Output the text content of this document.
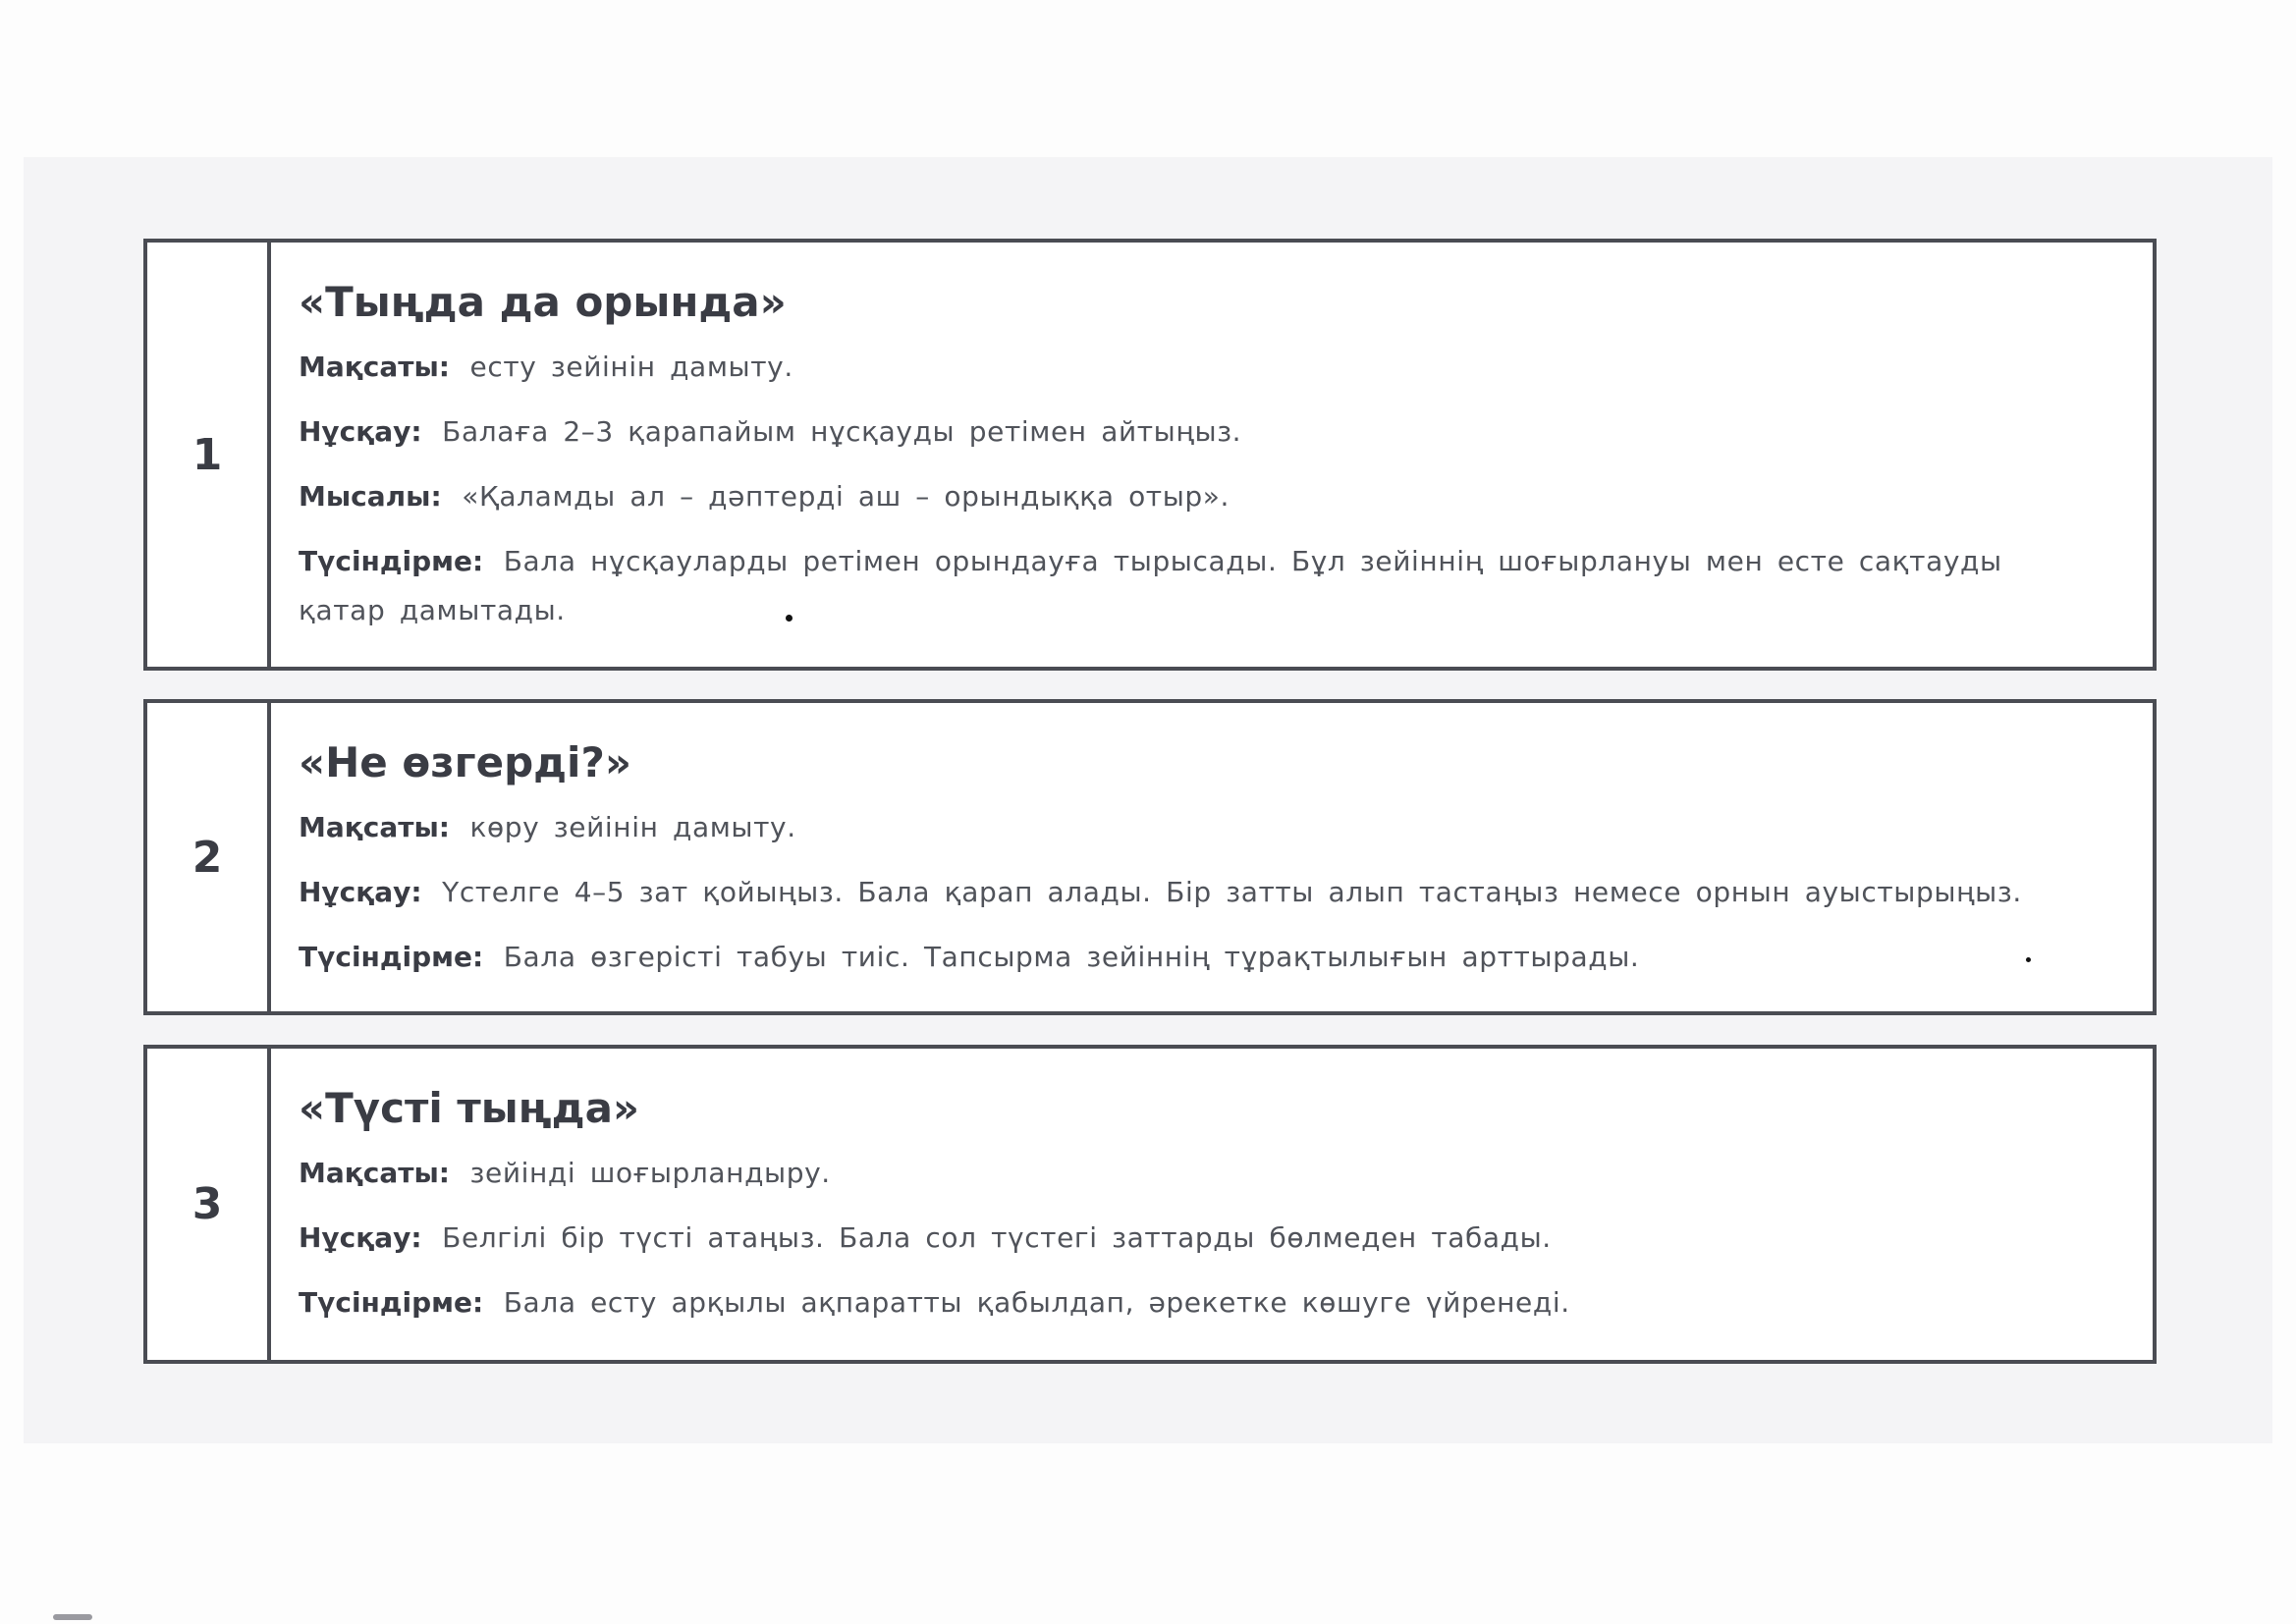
1
«Тыңда да орында»
Мақсаты: есту зейінін дамыту.
Нұсқау: Балаға 2–3 қарапайым нұсқауды ретімен айтыңыз.
Мысалы: «Қаламды ал – дәптерді аш – орындыққа отыр».
Түсіндірме: Бала нұсқауларды ретімен орындауға тырысады. Бұл зейіннің шоғырлануы мен есте сақтауды қатар дамытады.
2
«Не өзгерді?»
Мақсаты: көру зейінін дамыту.
Нұсқау: Үстелге 4–5 зат қойыңыз. Бала қарап алады. Бір затты алып тастаңыз немесе орнын ауыстырыңыз.
Түсіндірме: Бала өзгерісті табуы тиіс. Тапсырма зейіннің тұрақтылығын арттырады.
3
«Түсті тыңда»
Мақсаты: зейінді шоғырландыру.
Нұсқау: Белгілі бір түсті атаңыз. Бала сол түстегі заттарды бөлмеден табады.
Түсіндірме: Бала есту арқылы ақпаратты қабылдап, әрекетке көшуге үйренеді.
